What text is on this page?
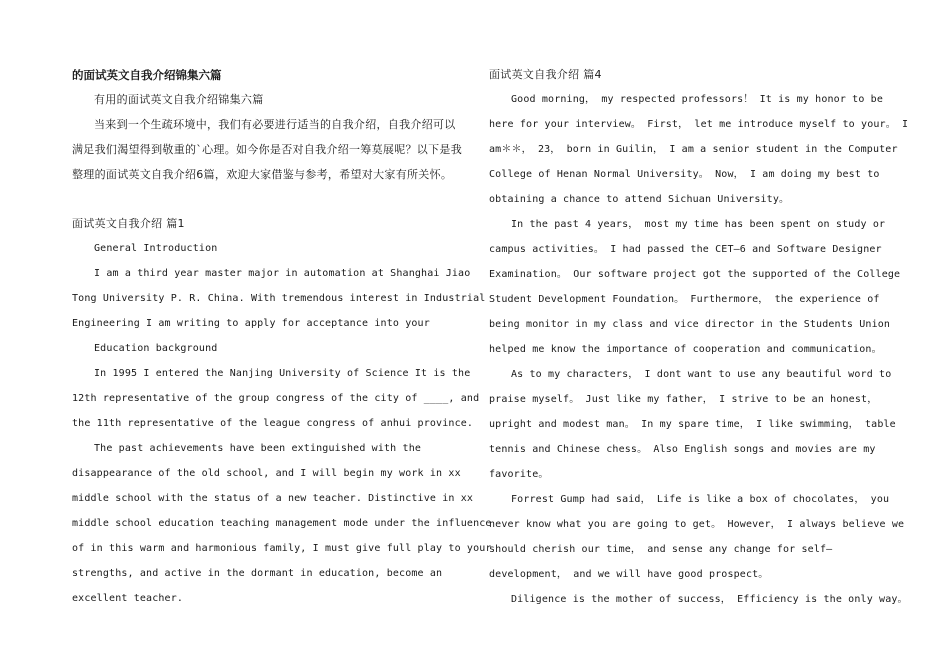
的面试英文自我介绍锦集六篇
有用的面试英文自我介绍锦集六篇
当来到一个生疏环境中，我们有必要进行适当的自我介绍，自我介绍可以
满足我们渴望得到敬重的`心理。如今你是否对自我介绍一筹莫展呢？以下是我
整理的面试英文自我介绍6篇，欢迎大家借鉴与参考，希望对大家有所关怀。
面试英文自我介绍 篇1
General Introduction
I am a third year master major in automation at Shanghai Jiao
Tong University P. R. China. With tremendous interest in Industrial
Engineering I am writing to apply for acceptance into your
Education background
In 1995 I entered the Nanjing University of Science It is the
12th representative of the group congress of the city of ____, and
the 11th representative of the league congress of anhui province.
The past achievements have been extinguished with the
disappearance of the old school, and I will begin my work in xx
middle school with the status of a new teacher. Distinctive in xx
middle school education teaching management mode under the influence
of in this warm and harmonious family, I must give full play to your
strengths, and active in the dormant in education, become an
excellent teacher.
面试英文自我介绍 篇4
Good morning， my respected professors！ It is my honor to be
here for your interview。 First， let me introduce myself to your。 I
am＊＊， 23， born in Guilin， I am a senior student in the Computer
College of Henan Normal University。 Now， I am doing my best to
obtaining a chance to attend Sichuan University。
In the past 4 years， most my time has been spent on study or
campus activities。 I had passed the CET—6 and Software Designer
Examination。 Our software project got the supported of the College
Student Development Foundation。 Furthermore， the experience of
being monitor in my class and vice director in the Students Union
helped me know the importance of cooperation and communication。
As to my characters， I dont want to use any beautiful word to
praise myself。 Just like my father， I strive to be an honest，
upright and modest man。 In my spare time， I like swimming， table
tennis and Chinese chess。 Also English songs and movies are my
favorite。
Forrest Gump had said， Life is like a box of chocolates， you
never know what you are going to get。 However， I always believe we
should cherish our time， and sense any change for self—
development， and we will have good prospect。
Diligence is the mother of success， Efficiency is the only way。
